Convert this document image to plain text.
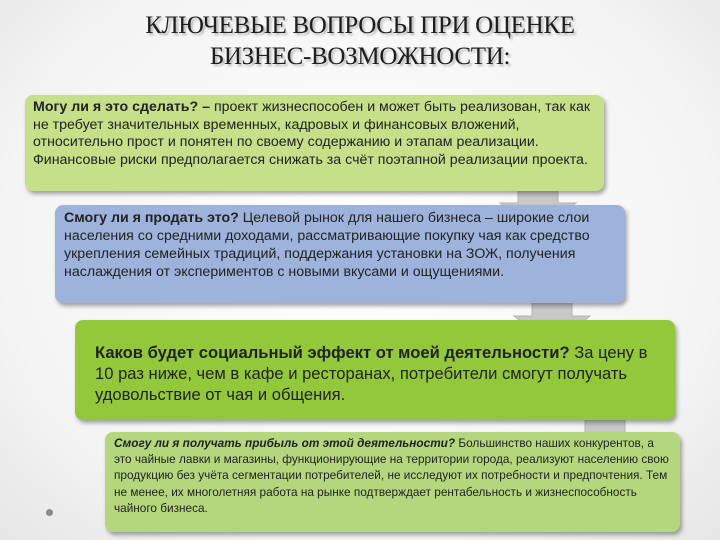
КЛЮЧЕВЫЕ ВОПРОСЫ ПРИ ОЦЕНКЕ
БИЗНЕС-ВОЗМОЖНОСТИ:
Могу ли я это сделать? – проект жизнеспособен и может быть реализован, так как не требует значительных временных, кадровых и финансовых вложений, относительно прост и понятен по своему содержанию и этапам реализации. Финансовые риски предполагается снижать за счёт поэтапной реализации проекта.
Смогу ли я продать это? Целевой рынок для нашего бизнеса – широкие слои населения со средними доходами, рассматривающие покупку чая как средство укрепления семейных традиций, поддержания установки на ЗОЖ, получения наслаждения от экспериментов с новыми вкусами и ощущениями.
Каков будет социальный эффект от моей деятельности? За цену в 10 раз ниже, чем в кафе и ресторанах, потребители смогут получать удовольствие от чая и общения.
Смогу ли я получать прибыль от этой деятельности? Большинство наших конкурентов, а это чайные лавки и магазины, функционирующие на территории города, реализуют населению свою продукцию без учёта сегментации потребителей, не исследуют их потребности и предпочтения. Тем не менее, их многолетняя работа на рынке подтверждает рентабельность и жизнеспособность чайного бизнеса.
